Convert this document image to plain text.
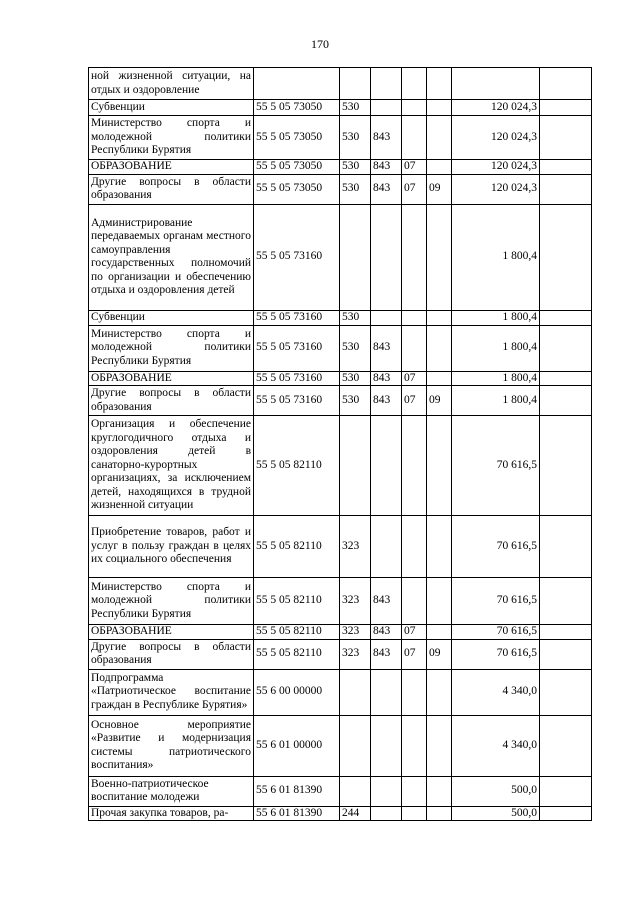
170
ной жизненной ситуации, на отдых и оздоровление							
Субвенции	55 5 05 73050	530				120 024,3	
Министерство спорта и молодежной политики Республики Бурятия	55 5 05 73050	530	843			120 024,3	
ОБРАЗОВАНИЕ	55 5 05 73050	530	843	07		120 024,3	
Другие вопросы в области образования	55 5 05 73050	530	843	07	09	120 024,3	
Администрирование передаваемых органам местного самоуправления государственных полномочий по организации и обеспечению отдыха и оздоровления детей	55 5 05 73160					1 800,4	
Субвенции	55 5 05 73160	530				1 800,4	
Министерство спорта и молодежной политики Республики Бурятия	55 5 05 73160	530	843			1 800,4	
ОБРАЗОВАНИЕ	55 5 05 73160	530	843	07		1 800,4	
Другие вопросы в области образования	55 5 05 73160	530	843	07	09	1 800,4	
Организация и обеспечение круглогодичного отдыха и оздоровления детей в санаторно-курортных организациях, за исключением детей, находящихся в трудной жизненной ситуации	55 5 05 82110					70 616,5	
Приобретение товаров, работ и услуг в пользу граждан в целях их социального обеспечения	55 5 05 82110	323				70 616,5	
Министерство спорта и молодежной политики Республики Бурятия	55 5 05 82110	323	843			70 616,5	
ОБРАЗОВАНИЕ	55 5 05 82110	323	843	07		70 616,5	
Другие вопросы в области образования	55 5 05 82110	323	843	07	09	70 616,5	
Подпрограмма «Патриотическое воспитание граждан в Республике Бурятия»	55 6 00 00000					4 340,0	
Основное мероприятие «Развитие и модернизация системы патриотического воспитания»	55 6 01 00000					4 340,0	
Военно-патриотическое воспитание молодежи	55 6 01 81390					500,0	
Прочая закупка товаров, ра-	55 6 01 81390	244				500,0	
